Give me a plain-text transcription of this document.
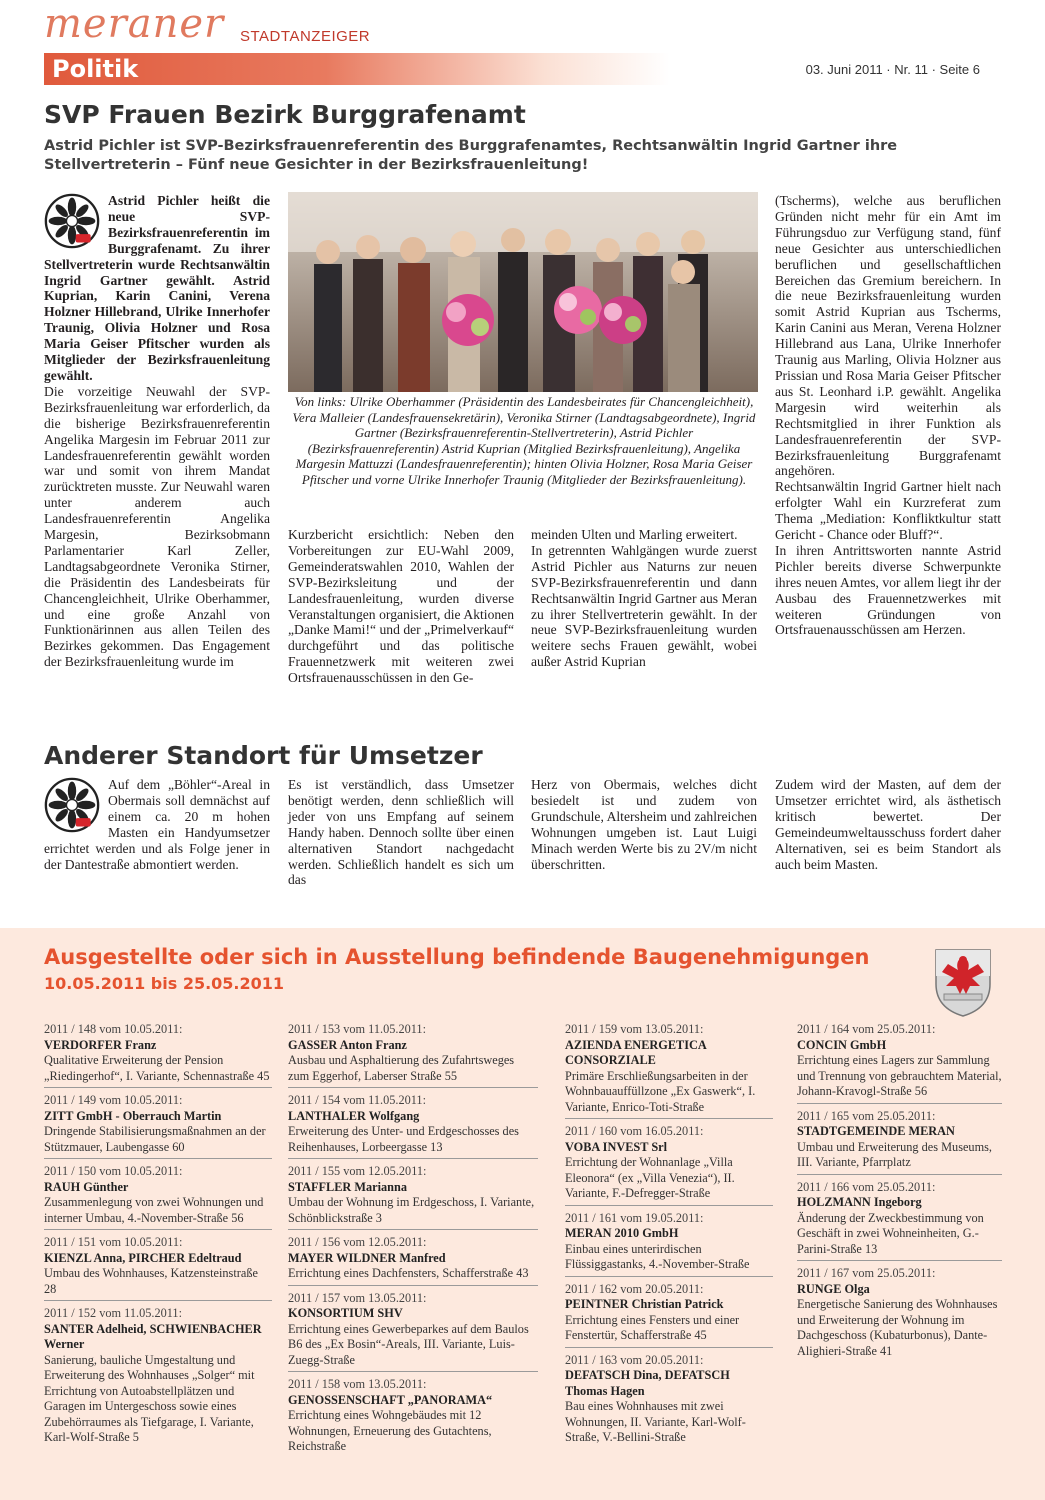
meraner STADTANZEIGER
Politik	03. Juni 2011 · Nr. 11 · Seite 6
SVP Frauen Bezirk Burggrafenamt
Astrid Pichler ist SVP-Bezirksfrauenreferentin des Burggrafenamtes, Rechtsanwältin Ingrid Gartner ihre Stellvertreterin – Fünf neue Gesichter in der Bezirksfrauenleitung!

Astrid Pichler heißt die neue SVP-Bezirksfrauenreferentin im Burggrafenamt. Zu ihrer Stellvertreterin wurde Rechtsanwältin Ingrid Gartner gewählt. Astrid Kuprian, Karin Canini, Verena Holzner Hillebrand, Ulrike Innerhofer Traunig, Olivia Holzner und Rosa Maria Geiser Pfitscher wurden als Mitglieder der Bezirksfrauenleitung gewählt.

Die vorzeitige Neuwahl der SVP-Bezirksfrauenleitung war erforderlich, da die bisherige Bezirksfrauenreferentin Angelika Margesin im Februar 2011 zur Landesfrauenreferentin gewählt worden war und somit von ihrem Mandat zurücktreten musste. Zur Neuwahl waren unter anderem auch Landesfrauenreferentin Angelika Margesin, Bezirksobmann Parlamentarier Karl Zeller, Landtagsabgeordnete Veronika Stirner, die Präsidentin des Landesbeirats für Chancengleichheit, Ulrike Oberhammer, und eine große Anzahl von Funktionärinnen aus allen Teilen des Bezirkes gekommen. Das Engagement der Bezirksfrauenleitung wurde im

Von links: Ulrike Oberhammer (Präsidentin des Landesbeirates für Chancengleichheit), Vera Malleier (Landesfrauensekretärin), Veronika Stirner (Landtagsabgeordnete), Ingrid Gartner (Bezirksfrauenreferentin-Stellvertreterin), Astrid Pichler (Bezirksfrauenreferentin) Astrid Kuprian (Mitglied Bezirksfrauenleitung), Angelika Margesin Mattuzzi (Landesfrauenreferentin); hinten Olivia Holzner, Rosa Maria Geiser Pfitscher und vorne Ulrike Innerhofer Traunig (Mitglieder der Bezirksfrauenleitung).

Kurzbericht ersichtlich: Neben den Vorbereitungen zur EU-Wahl 2009, Gemeinderatswahlen 2010, Wahlen der SVP-Bezirksleitung und der Landesfrauenleitung, wurden diverse Veranstaltungen organisiert, die Aktionen „Danke Mami!“ und der „Primelverkauf“ durchgeführt und das politische Frauennetzwerk mit weiteren zwei Ortsfrauenausschüssen in den Ge-

meinden Ulten und Marling erweitert.

In getrennten Wahlgängen wurde zuerst Astrid Pichler aus Naturns zur neuen SVP-Bezirksfrauenreferentin und dann Rechtsanwältin Ingrid Gartner aus Meran zu ihrer Stellvertreterin gewählt. In der neue SVP-Bezirksfrauenleitung wurden weitere sechs Frauen gewählt, wobei außer Astrid Kuprian

(Tscherms), welche aus beruflichen Gründen nicht mehr für ein Amt im Führungsduo zur Verfügung stand, fünf neue Gesichter aus unterschiedlichen beruflichen und gesellschaftlichen Bereichen das Gremium bereichern. In die neue Bezirksfrauenleitung wurden somit Astrid Kuprian aus Tscherms, Karin Canini aus Meran, Verena Holzner Hillebrand aus Lana, Ulrike Innerhofer Traunig aus Marling, Olivia Holzner aus Prissian und Rosa Maria Geiser Pfitscher aus St. Leonhard i.P. gewählt. Angelika Margesin wird weiterhin als Rechtsmitglied in ihrer Funktion als Landesfrauenreferentin der SVP-Bezirksfrauenleitung Burggrafenamt angehören.

Rechtsanwältin Ingrid Gartner hielt nach erfolgter Wahl ein Kurzreferat zum Thema „Mediation: Konfliktkultur statt Gericht - Chance oder Bluff?“.

In ihren Antrittsworten nannte Astrid Pichler bereits diverse Schwerpunkte ihres neuen Amtes, vor allem liegt ihr der Ausbau des Frauennetzwerkes mit weiteren Gründungen von Ortsfrauenausschüssen am Herzen.

Anderer Standort für Umsetzer

Auf dem „Böhler“-Areal in Obermais soll demnächst auf einem ca. 20 m hohen Masten ein Handyumsetzer errichtet werden und als Folge jener in der Dantestraße abmontiert werden.

Es ist verständlich, dass Umsetzer benötigt werden, denn schließlich will jeder von uns Empfang auf seinem Handy haben. Dennoch sollte über einen alternativen Standort nachgedacht werden. Schließlich handelt es sich um das

Herz von Obermais, welches dicht besiedelt ist und zudem von Grundschule, Altersheim und zahlreichen Wohnungen umgeben ist. Laut Luigi Minach werden Werte bis zu 2V/m nicht überschritten.

Zudem wird der Masten, auf dem der Umsetzer errichtet wird, als ästhetisch kritisch bewertet. Der Gemeindeumweltausschuss fordert daher Alternativen, sei es beim Standort als auch beim Masten.

Ausgestellte oder sich in Ausstellung befindende Baugenehmigungen
10.05.2011 bis 25.05.2011
2011 / 148 vom 10.05.2011:
VERDORFER Franz
Qualitative Erweiterung der Pension „Riedingerhof“, I. Variante, Schennastraße 45
2011 / 149 vom 10.05.2011:
ZITT GmbH - Oberrauch Martin
Dringende Stabilisierungsmaßnahmen an der Stützmauer, Laubengasse 60
2011 / 150 vom 10.05.2011:
RAUH Günther
Zusammenlegung von zwei Wohnungen und interner Umbau, 4.-November-Straße 56
2011 / 151 vom 10.05.2011:
KIENZL Anna, PIRCHER Edeltraud
Umbau des Wohnhauses, Katzensteinstraße 28
2011 / 152 vom 11.05.2011:
SANTER Adelheid, SCHWIENBACHER Werner
Sanierung, bauliche Umgestaltung und Erweiterung des Wohnhauses „Solger“ mit Errichtung von Autoabstellplätzen und Garagen im Untergeschoss sowie eines Zubehörraumes als Tiefgarage, I. Variante, Karl-Wolf-Straße 5
2011 / 153 vom 11.05.2011:
GASSER Anton Franz
Ausbau und Asphaltierung des Zufahrtsweges zum Eggerhof, Laberser Straße 55
2011 / 154 vom 11.05.2011:
LANTHALER Wolfgang
Erweiterung des Unter- und Erdgeschosses des Reihenhauses, Lorbeergasse 13
2011 / 155 vom 12.05.2011:
STAFFLER Marianna
Umbau der Wohnung im Erdgeschoss, I. Variante, Schönblickstraße 3
2011 / 156 vom 12.05.2011:
MAYER WILDNER Manfred
Errichtung eines Dachfensters, Schafferstraße 43
2011 / 157 vom 13.05.2011:
KONSORTIUM SHV
Errichtung eines Gewerbeparkes auf dem Baulos B6 des „Ex Bosin“-Areals, III. Variante, Luis-Zuegg-Straße
2011 / 158 vom 13.05.2011:
GENOSSENSCHAFT „PANORAMA“
Errichtung eines Wohngebäudes mit 12 Wohnungen, Erneuerung des Gutachtens, Reichstraße
2011 / 159 vom 13.05.2011:
AZIENDA ENERGETICA CONSORZIALE
Primäre Erschließungsarbeiten in der Wohnbauauffüllzone „Ex Gaswerk“, I. Variante, Enrico-Toti-Straße
2011 / 160 vom 16.05.2011:
VOBA INVEST Srl
Errichtung der Wohnanlage „Villa Eleonora“ (ex „Villa Venezia“), II. Variante, F.-Defregger-Straße
2011 / 161 vom 19.05.2011:
MERAN 2010 GmbH
Einbau eines unterirdischen Flüssiggastanks, 4.-November-Straße
2011 / 162 vom 20.05.2011:
PEINTNER Christian Patrick
Errichtung eines Fensters und einer Fenstertür, Schafferstraße 45
2011 / 163 vom 20.05.2011:
DEFATSCH Dina, DEFATSCH Thomas Hagen
Bau eines Wohnhauses mit zwei Wohnungen, II. Variante, Karl-Wolf-Straße, V.-Bellini-Straße
2011 / 164 vom 25.05.2011:
CONCIN GmbH
Errichtung eines Lagers zur Sammlung und Trennung von gebrauchtem Material, Johann-Kravogl-Straße 56
2011 / 165 vom 25.05.2011:
STADTGEMEINDE MERAN
Umbau und Erweiterung des Museums, III. Variante, Pfarrplatz
2011 / 166 vom 25.05.2011:
HOLZMANN Ingeborg
Änderung der Zweckbestimmung von Geschäft in zwei Wohneinheiten, G.-Parini-Straße 13
2011 / 167 vom 25.05.2011:
RUNGE Olga
Energetische Sanierung des Wohnhauses und Erweiterung der Wohnung im Dachgeschoss (Kubaturbonus), Dante-Alighieri-Straße 41
